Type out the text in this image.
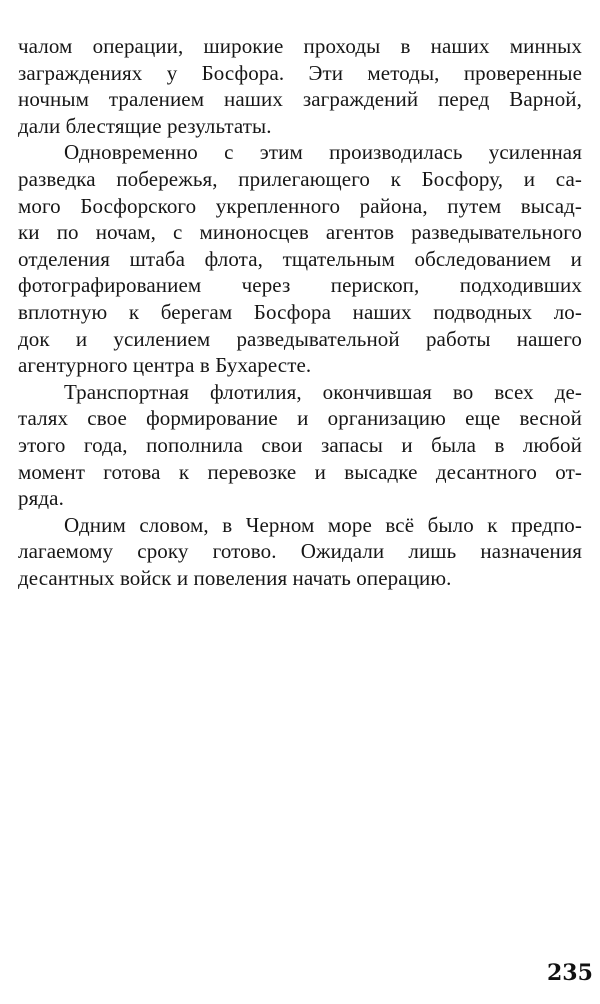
чалом операции, широкие проходы в наших минных
заграждениях у Босфора. Эти методы, проверенные
ночным тралением наших заграждений перед Варной,
дали блестящие результаты.
Одновременно с этим производилась усиленная
разведка побережья, прилегающего к Босфору, и са-
мого Босфорского укрепленного района, путем высад-
ки по ночам, с миноносцев агентов разведывательного
отделения штаба флота, тщательным обследованием и
фотографированием через перископ, подходивших
вплотную к берегам Босфора наших подводных ло-
док и усилением разведывательной работы нашего
агентурного центра в Бухаресте.
Транспортная флотилия, окончившая во всех де-
талях свое формирование и организацию еще весной
этого года, пополнила свои запасы и была в любой
момент готова к перевозке и высадке десантного от-
ряда.
Одним словом, в Черном море всё было к предпо-
лагаемому сроку готово. Ожидали лишь назначения
десантных войск и повеления начать операцию.
235
